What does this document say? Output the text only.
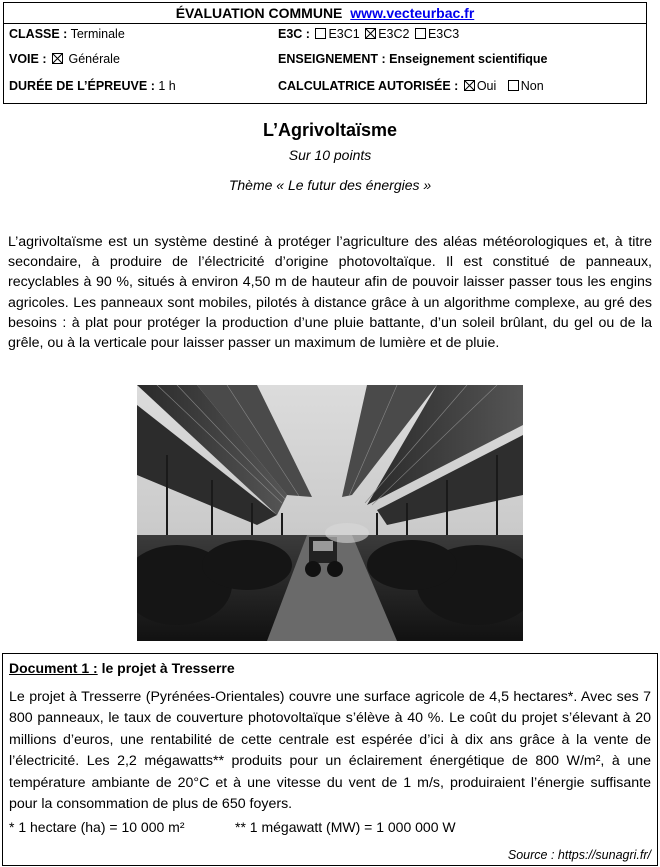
ÉVALUATION COMMUNE www.vecteurbac.fr
CLASSE : Terminale	E3C : E3C1 E3C2 E3C3
VOIE : Générale	ENSEIGNEMENT : Enseignement scientifique
DURÉE DE L’ÉPREUVE : 1 h	CALCULATRICE AUTORISÉE : Oui Non
L’Agrivoltaïsme
Sur 10 points
Thème « Le futur des énergies »

L’agrivoltaïsme est un système destiné à protéger l’agriculture des aléas météorologiques et, à titre secondaire, à produire de l’électricité d’origine photovoltaïque. Il est constitué de panneaux, recyclables à 90 %, situés à environ 4,50 m de hauteur afin de pouvoir laisser passer tous les engins agricoles. Les panneaux sont mobiles, pilotés à distance grâce à un algorithme complexe, au gré des besoins : à plat pour protéger la production d’une pluie battante, d’un soleil brûlant, du gel ou de la grêle, ou à la verticale pour laisser passer un maximum de lumière et de pluie.

Document 1 : le projet à Tresserre

Le projet à Tresserre (Pyrénées-Orientales) couvre une surface agricole de 4,5 hectares*. Avec ses 7 800 panneaux, le taux de couverture photovoltaïque s’élève à 40 %. Le coût du projet s’élevant à 20 millions d’euros, une rentabilité de cette centrale est espérée d’ici à dix ans grâce à la vente de l’électricité. Les 2,2 mégawatts** produits pour un éclairement énergétique de 800 W/m², à une température ambiante de 20°C et à une vitesse du vent de 1 m/s, produiraient l’énergie suffisante pour la consommation de plus de 650 foyers.

* 1 hectare (ha) = 10 000 m²	** 1 mégawatt (MW) = 1 000 000 W
Source : https://sunagri.fr/
